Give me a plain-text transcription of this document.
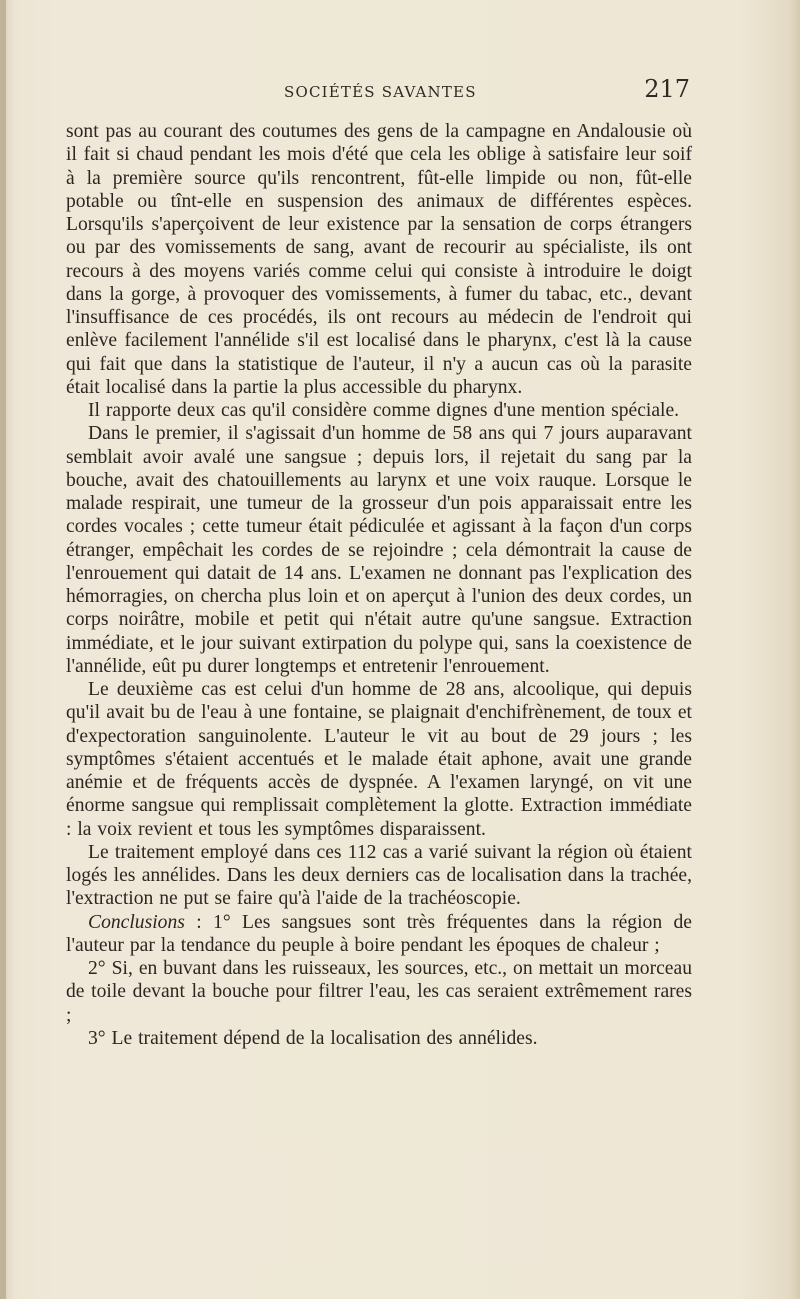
SOCIÉTÉS SAVANTES	217

sont pas au courant des coutumes des gens de la campagne en Andalousie où il fait si chaud pendant les mois d'été que cela les oblige à satisfaire leur soif à la première source qu'ils rencontrent, fût-elle limpide ou non, fût-elle potable ou tînt-elle en suspension des animaux de différentes espèces. Lorsqu'ils s'aperçoivent de leur existence par la sensation de corps étrangers ou par des vomissements de sang, avant de recourir au spécialiste, ils ont recours à des moyens variés comme celui qui consiste à introduire le doigt dans la gorge, à provoquer des vomissements, à fumer du tabac, etc., devant l'insuffisance de ces procédés, ils ont recours au médecin de l'endroit qui enlève facilement l'annélide s'il est localisé dans le pharynx, c'est là la cause qui fait que dans la statistique de l'auteur, il n'y a aucun cas où la parasite était localisé dans la partie la plus accessible du pharynx.

Il rapporte deux cas qu'il considère comme dignes d'une mention spéciale.

Dans le premier, il s'agissait d'un homme de 58 ans qui 7 jours auparavant semblait avoir avalé une sangsue ; depuis lors, il rejetait du sang par la bouche, avait des chatouillements au larynx et une voix rauque. Lorsque le malade respirait, une tumeur de la grosseur d'un pois apparaissait entre les cordes vocales ; cette tumeur était pédiculée et agissant à la façon d'un corps étranger, empêchait les cordes de se rejoindre ; cela démontrait la cause de l'enrouement qui datait de 14 ans. L'examen ne donnant pas l'explication des hémorragies, on chercha plus loin et on aperçut à l'union des deux cordes, un corps noirâtre, mobile et petit qui n'était autre qu'une sangsue. Extraction immédiate, et le jour suivant extirpation du polype qui, sans la coexistence de l'annélide, eût pu durer longtemps et entretenir l'enrouement.

Le deuxième cas est celui d'un homme de 28 ans, alcoolique, qui depuis qu'il avait bu de l'eau à une fontaine, se plaignait d'enchifrènement, de toux et d'expectoration sanguinolente. L'auteur le vit au bout de 29 jours ; les symptômes s'étaient accentués et le malade était aphone, avait une grande anémie et de fréquents accès de dyspnée. A l'examen laryngé, on vit une énorme sangsue qui remplissait complètement la glotte. Extraction immédiate : la voix revient et tous les symptômes disparaissent.

Le traitement employé dans ces 112 cas a varié suivant la région où étaient logés les annélides. Dans les deux derniers cas de localisation dans la trachée, l'extraction ne put se faire qu'à l'aide de la trachéoscopie.

Conclusions : 1° Les sangsues sont très fréquentes dans la région de l'auteur par la tendance du peuple à boire pendant les époques de chaleur ;

2° Si, en buvant dans les ruisseaux, les sources, etc., on mettait un morceau de toile devant la bouche pour filtrer l'eau, les cas seraient extrêmement rares ;

3° Le traitement dépend de la localisation des annélides.
